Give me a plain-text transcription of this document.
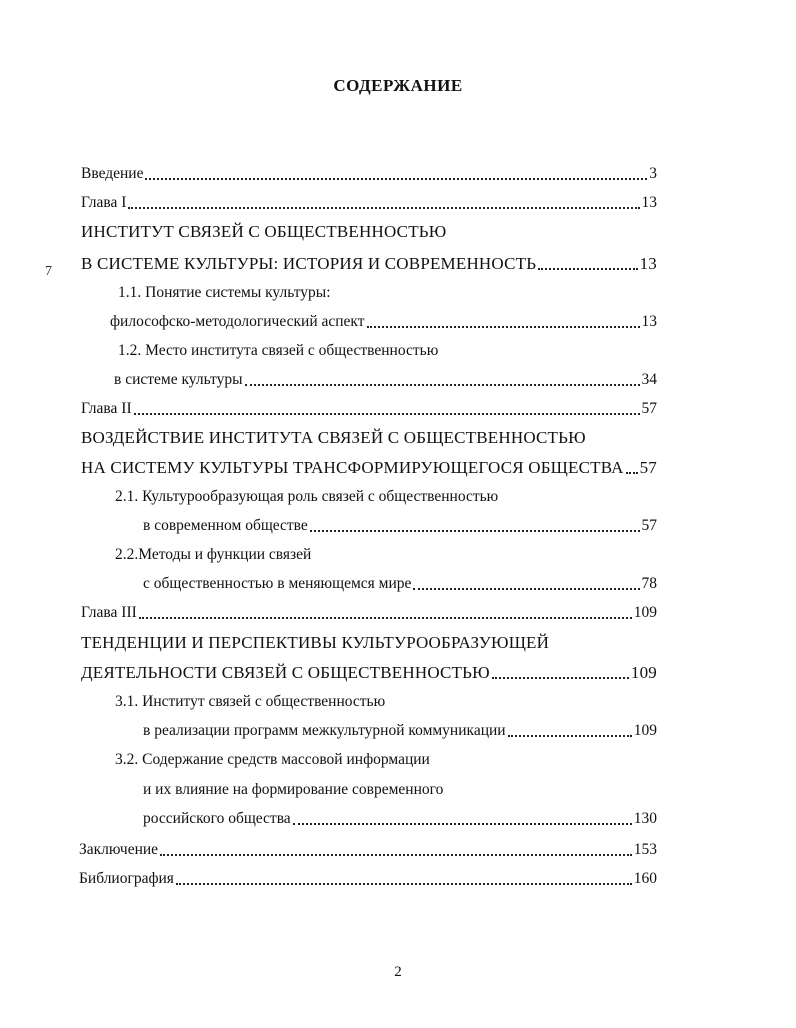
СОДЕРЖАНИЕ
Введение	3
Глава I	13
ИНСТИТУТ СВЯЗЕЙ С ОБЩЕСТВЕННОСТЬЮ
В СИСТЕМЕ КУЛЬТУРЫ: ИСТОРИЯ И СОВРЕМЕННОСТЬ	13
1.1. Понятие системы культуры:
философско-методологический аспект	13
1.2. Место института связей с общественностью
в системе культуры	34
Глава II	57
ВОЗДЕЙСТВИЕ ИНСТИТУТА СВЯЗЕЙ С ОБЩЕСТВЕННОСТЬЮ
НА СИСТЕМУ КУЛЬТУРЫ ТРАНСФОРМИРУЮЩЕГОСЯ ОБЩЕСТВА 57
2.1. Культурообразующая роль связей с общественностью
в современном обществе	57
2.2.Методы и функции связей
с общественностью в меняющемся мире	78
Глава III	109
ТЕНДЕНЦИИ И ПЕРСПЕКТИВЫ КУЛЬТУРООБРАЗУЮЩЕЙ
ДЕЯТЕЛЬНОСТИ СВЯЗЕЙ С ОБЩЕСТВЕННОСТЬЮ	109
3.1. Институт связей с общественностью
в реализации программ межкультурной коммуникации	109
3.2. Содержание средств массовой информации
и их влияние на формирование современного
российского общества	130
Заключение	153
Библиография	160
7
2
